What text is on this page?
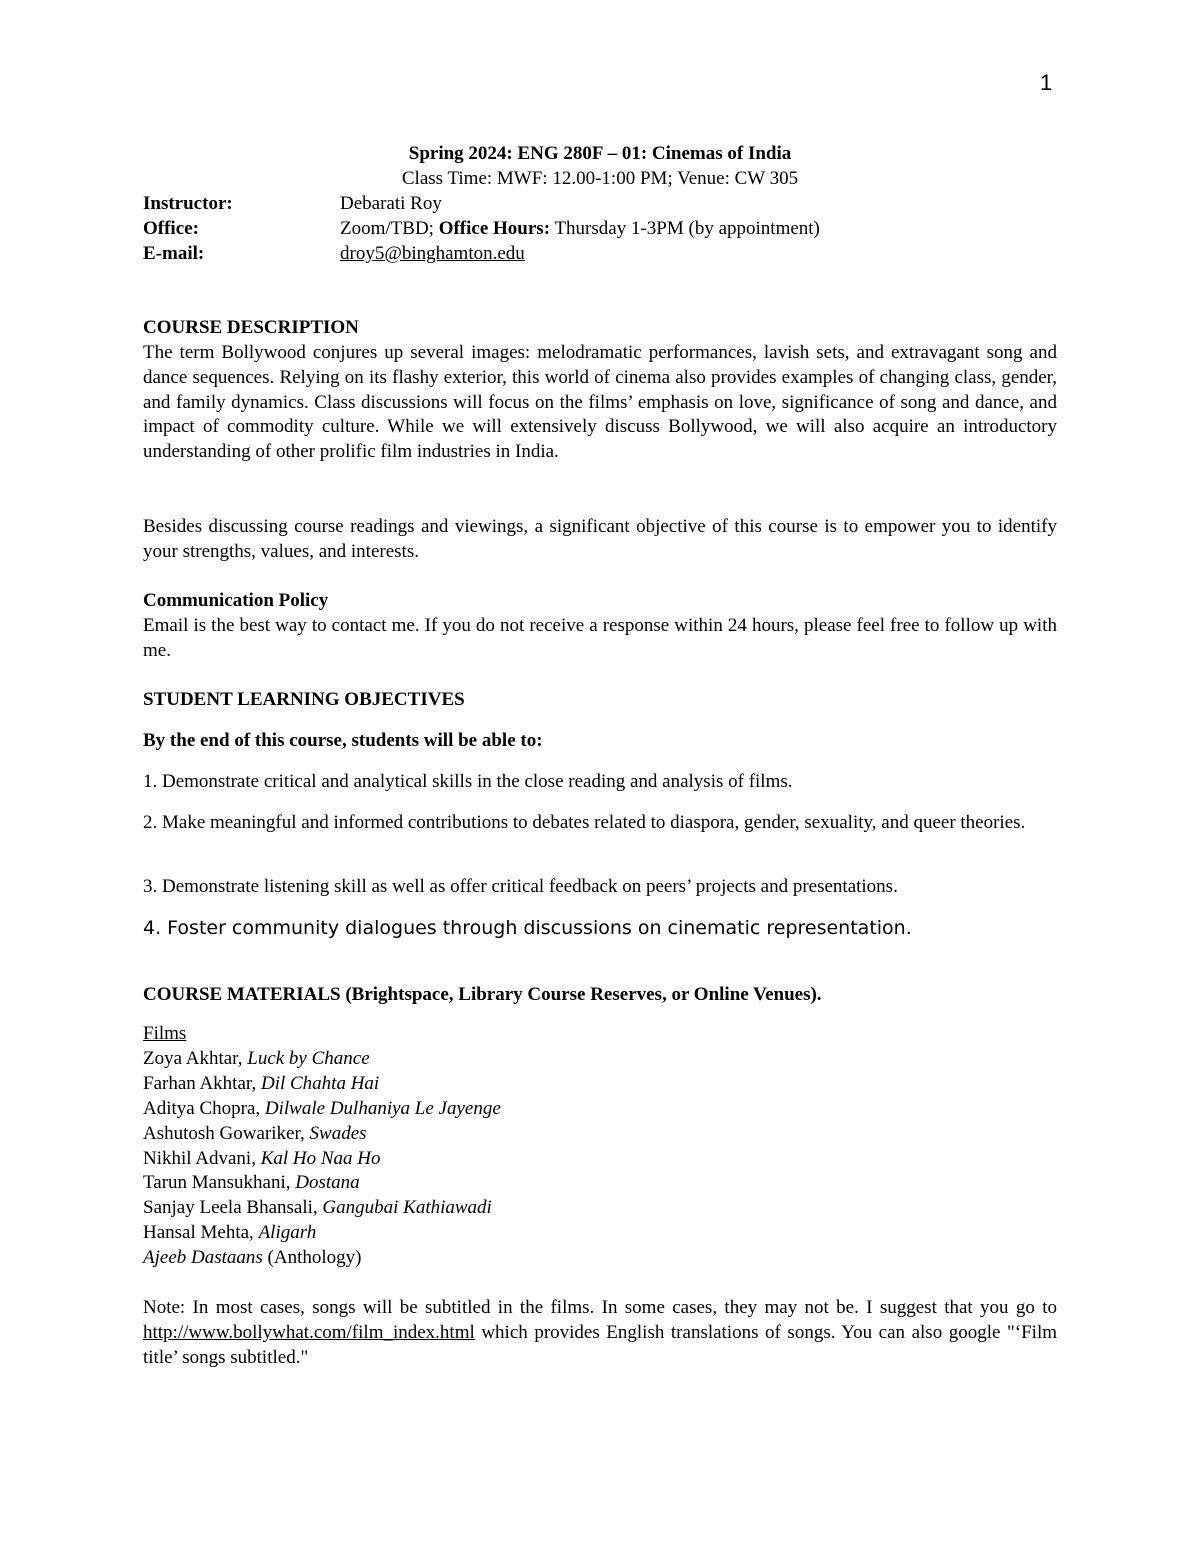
1
Spring 2024: ENG 280F – 01: Cinemas of India
Class Time: MWF: 12.00-1:00 PM; Venue: CW 305
Instructor:	Debarati Roy
Office:	Zoom/TBD; Office Hours: Thursday 1-3PM (by appointment)
E-mail:	droy5@binghamton.edu
COURSE DESCRIPTION
The term Bollywood conjures up several images: melodramatic performances, lavish sets, and extravagant song and dance sequences. Relying on its flashy exterior, this world of cinema also provides examples of changing class, gender, and family dynamics. Class discussions will focus on the films’ emphasis on love, significance of song and dance, and impact of commodity culture. While we will extensively discuss Bollywood, we will also acquire an introductory understanding of other prolific film industries in India.
Besides discussing course readings and viewings, a significant objective of this course is to empower you to identify your strengths, values, and interests.
Communication Policy
Email is the best way to contact me. If you do not receive a response within 24 hours, please feel free to follow up with me.
STUDENT LEARNING OBJECTIVES
By the end of this course, students will be able to:
1. Demonstrate critical and analytical skills in the close reading and analysis of films.
2. Make meaningful and informed contributions to debates related to diaspora, gender, sexuality, and queer theories.
3. Demonstrate listening skill as well as offer critical feedback on peers’ projects and presentations.
4. Foster community dialogues through discussions on cinematic representation.
COURSE MATERIALS (Brightspace, Library Course Reserves, or Online Venues).
Films
Zoya Akhtar, Luck by Chance
Farhan Akhtar, Dil Chahta Hai
Aditya Chopra, Dilwale Dulhaniya Le Jayenge
Ashutosh Gowariker, Swades
Nikhil Advani, Kal Ho Naa Ho
Tarun Mansukhani, Dostana
Sanjay Leela Bhansali, Gangubai Kathiawadi
Hansal Mehta, Aligarh
Ajeeb Dastaans (Anthology)
Note: In most cases, songs will be subtitled in the films. In some cases, they may not be. I suggest that you go to http://www.bollywhat.com/film_index.html which provides English translations of songs. You can also google "‘Film title’ songs subtitled."
